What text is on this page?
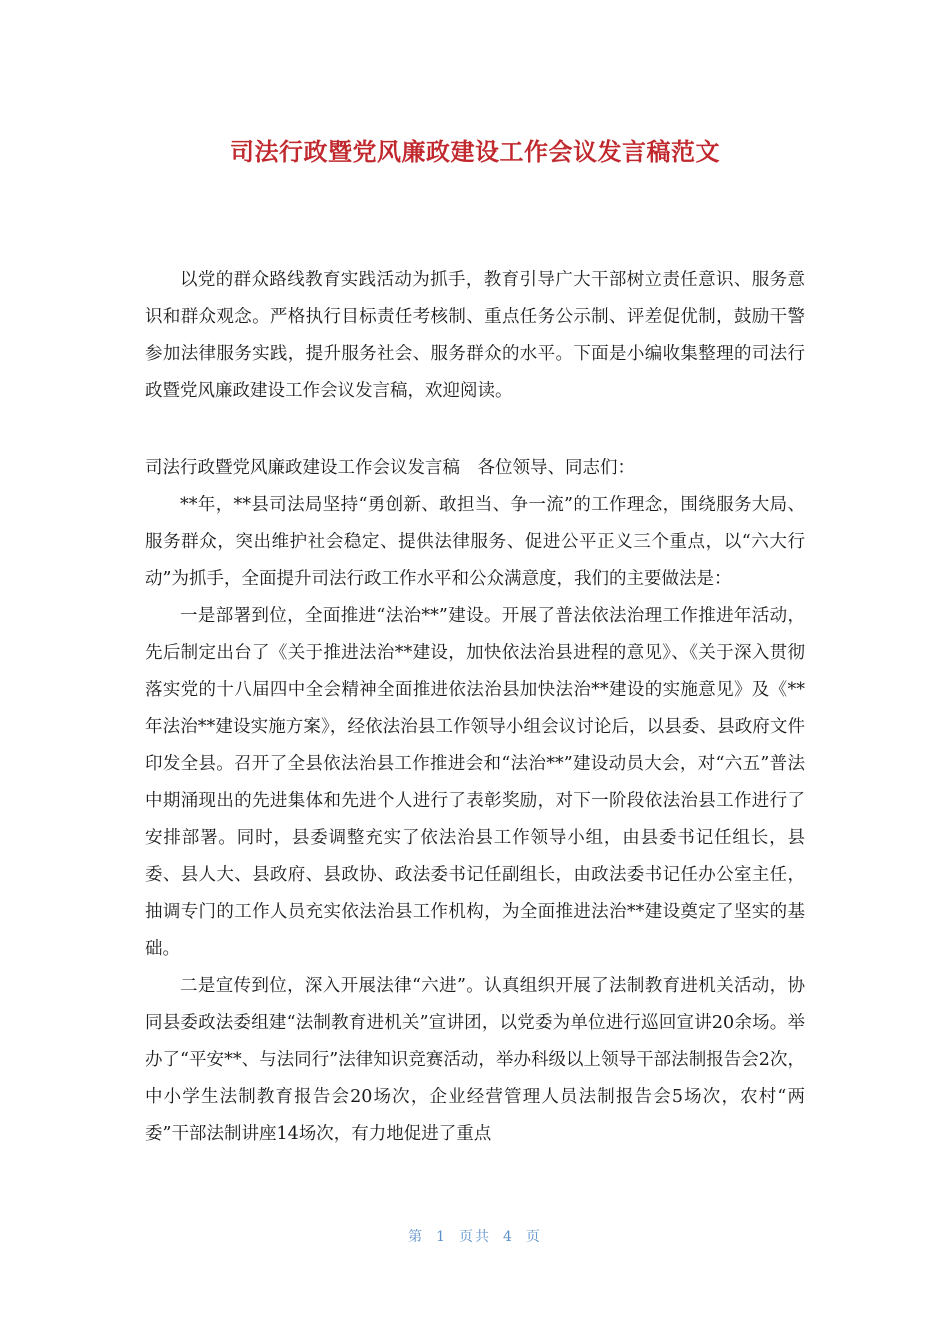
司法行政暨党风廉政建设工作会议发言稿范文

以党的群众路线教育实践活动为抓手，教育引导广大干部树立责任意识、服务意识和群众观念。严格执行目标责任考核制、重点任务公示制、评差促优制，鼓励干警参加法律服务实践，提升服务社会、服务群众的水平。下面是小编收集整理的司法行政暨党风廉政建设工作会议发言稿，欢迎阅读。

司法行政暨党风廉政建设工作会议发言稿　各位领导、同志们：

**年，**县司法局坚持“勇创新、敢担当、争一流”的工作理念，围绕服务大局、服务群众，突出维护社会稳定、提供法律服务、促进公平正义三个重点，以“六大行动”为抓手，全面提升司法行政工作水平和公众满意度，我们的主要做法是：

一是部署到位，全面推进“法治**”建设。开展了普法依法治理工作推进年活动，先后制定出台了《关于推进法治**建设，加快依法治县进程的意见》、《关于深入贯彻落实党的十八届四中全会精神全面推进依法治县加快法治**建设的实施意见》及《**年法治**建设实施方案》，经依法治县工作领导小组会议讨论后，以县委、县政府文件印发全县。召开了全县依法治县工作推进会和“法治**”建设动员大会，对“六五”普法中期涌现出的先进集体和先进个人进行了表彰奖励，对下一阶段依法治县工作进行了安排部署。同时，县委调整充实了依法治县工作领导小组，由县委书记任组长，县委、县人大、县政府、县政协、政法委书记任副组长，由政法委书记任办公室主任，抽调专门的工作人员充实依法治县工作机构，为全面推进法治**建设奠定了坚实的基础。

二是宣传到位，深入开展法律“六进”。认真组织开展了法制教育进机关活动，协同县委政法委组建“法制教育进机关”宣讲团，以党委为单位进行巡回宣讲20余场。举办了“平安**、与法同行”法律知识竞赛活动，举办科级以上领导干部法制报告会2次，中小学生法制教育报告会20场次，企业经营管理人员法制报告会5场次，农村“两委”干部法制讲座14场次，有力地促进了重点

第 1 页共 4 页
